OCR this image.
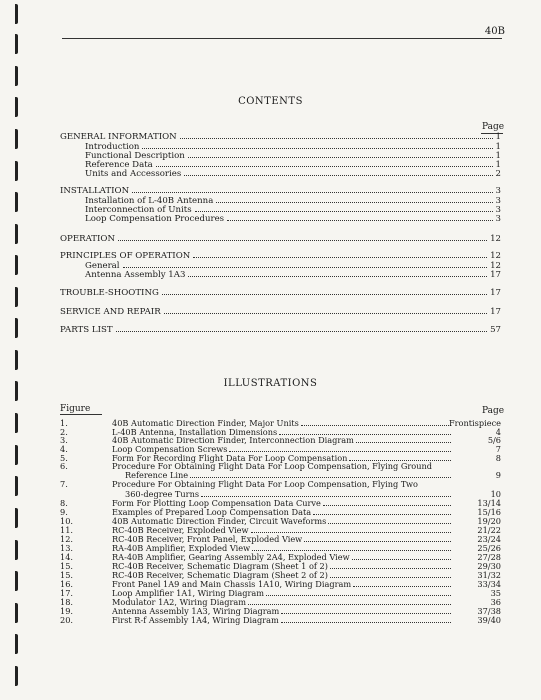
40B
CONTENTS
Page
GENERAL INFORMATION	1
Introduction	1
Functional Description	1
Reference Data	1
Units and Accessories	2
INSTALLATION	3
Installation of L-40B Antenna	3
Interconnection of Units	3
Loop Compensation Procedures	3
OPERATION	12
PRINCIPLES OF OPERATION	12
General	12
Antenna Assembly 1A3	17
TROUBLE-SHOOTING	17
SERVICE AND REPAIR	17
PARTS LIST	57
ILLUSTRATIONS
Figure	Page
1.	40B Automatic Direction Finder, Major Units	Frontispiece
2.	L-40B Antenna, Installation Dimensions	4
3.	40B Automatic Direction Finder, Interconnection Diagram	5/6
4.	Loop Compensation Screws	7
5.	Form For Recording Flight Data For Loop Compensation	8
6.	Procedure For Obtaining Flight Data For Loop Compensation, Flying Ground
Reference Line	9
7.	Procedure For Obtaining Flight Data For Loop Compensation, Flying Two
360-degree Turns	10
8.	Form For Plotting Loop Compensation Data Curve	13/14
9.	Examples of Prepared Loop Compensation Data	15/16
10.	40B Automatic Direction Finder, Circuit Waveforms	19/20
11.	RC-40B Receiver, Exploded View	21/22
12.	RC-40B Receiver, Front Panel, Exploded View	23/24
13.	RA-40B Amplifier, Exploded View	25/26
14.	RA-40B Amplifier, Gearing Assembly 2A4, Exploded View	27/28
15.	RC-40B Receiver, Schematic Diagram (Sheet 1 of 2)	29/30
15.	RC-40B Receiver, Schematic Diagram (Sheet 2 of 2)	31/32
16.	Front Panel 1A9 and Main Chassis 1A10, Wiring Diagram	33/34
17.	Loop Amplifier 1A1, Wiring Diagram	35
18.	Modulator 1A2, Wiring Diagram	36
19.	Antenna Assembly 1A3, Wiring Diagram	37/38
20.	First R-f Assembly 1A4, Wiring Diagram	39/40
